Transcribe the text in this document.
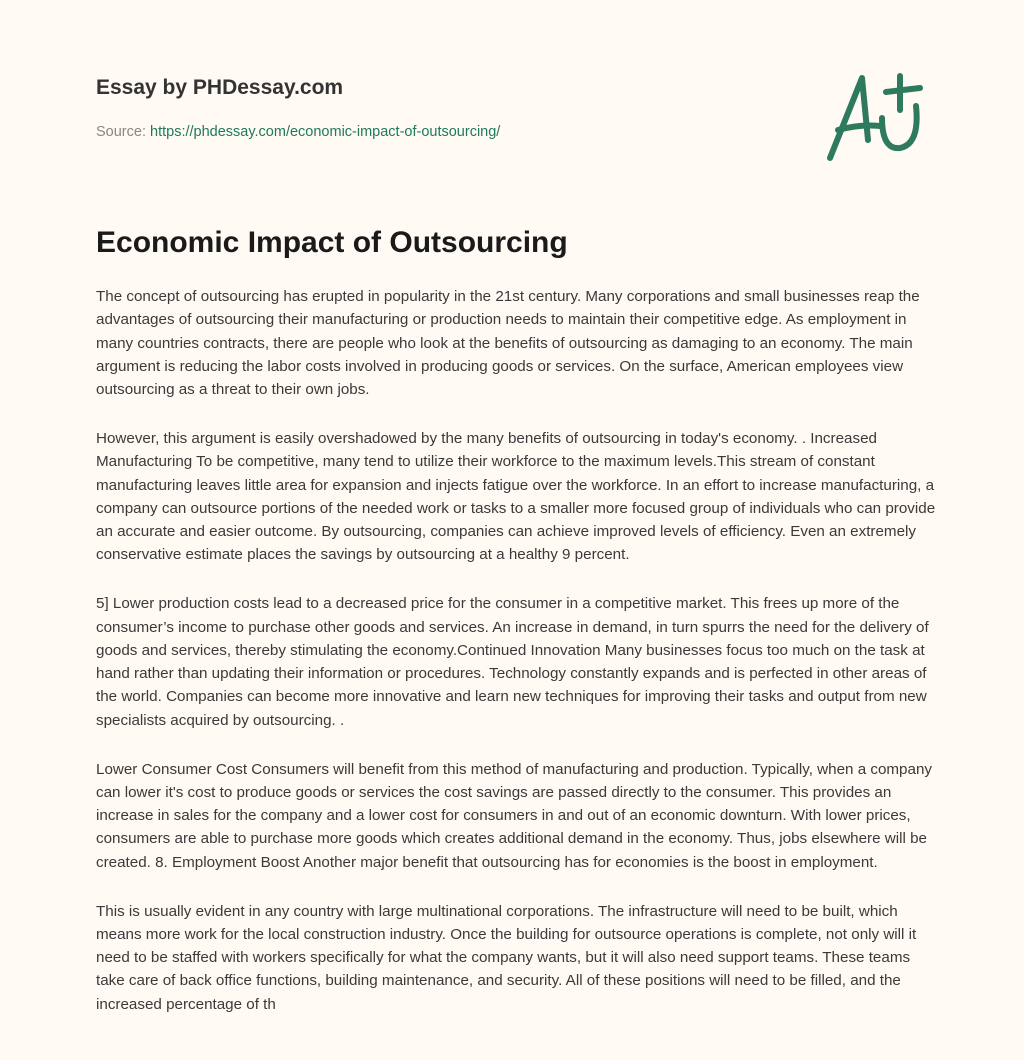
Essay by PHDessay.com
Source: https://phdessay.com/economic-impact-of-outsourcing/
Economic Impact of Outsourcing

The concept of outsourcing has erupted in popularity in the 21st century. Many corporations and small businesses reap the advantages of outsourcing their manufacturing or production needs to maintain their competitive edge. As employment in many countries contracts, there are people who look at the benefits of outsourcing as damaging to an economy. The main argument is reducing the labor costs involved in producing goods or services. On the surface, American employees view outsourcing as a threat to their own jobs.

However, this argument is easily overshadowed by the many benefits of outsourcing in today's economy. . Increased Manufacturing To be competitive, many tend to utilize their workforce to the maximum levels.This stream of constant manufacturing leaves little area for expansion and injects fatigue over the workforce. In an effort to increase manufacturing, a company can outsource portions of the needed work or tasks to a smaller more focused group of individuals who can provide an accurate and easier outcome. By outsourcing, companies can achieve improved levels of efficiency. Even an extremely conservative estimate places the savings by outsourcing at a healthy 9 percent.

5] Lower production costs lead to a decreased price for the consumer in a competitive market. This frees up more of the consumer’s income to purchase other goods and services. An increase in demand, in turn spurrs the need for the delivery of goods and services, thereby stimulating the economy.Continued Innovation Many businesses focus too much on the task at hand rather than updating their information or procedures. Technology constantly expands and is perfected in other areas of the world. Companies can become more innovative and learn new techniques for improving their tasks and output from new specialists acquired by outsourcing. .

Lower Consumer Cost Consumers will benefit from this method of manufacturing and production. Typically, when a company can lower it's cost to produce goods or services the cost savings are passed directly to the consumer. This provides an increase in sales for the company and a lower cost for consumers in and out of an economic downturn. With lower prices, consumers are able to purchase more goods which creates additional demand in the economy. Thus, jobs elsewhere will be created. 8. Employment Boost Another major benefit that outsourcing has for economies is the boost in employment.

This is usually evident in any country with large multinational corporations. The infrastructure will need to be built, which means more work for the local construction industry. Once the building for outsource operations is complete, not only will it need to be staffed with workers specifically for what the company wants, but it will also need support teams. These teams take care of back office functions, building maintenance, and security. All of these positions will need to be filled, and the increased percentage of th
